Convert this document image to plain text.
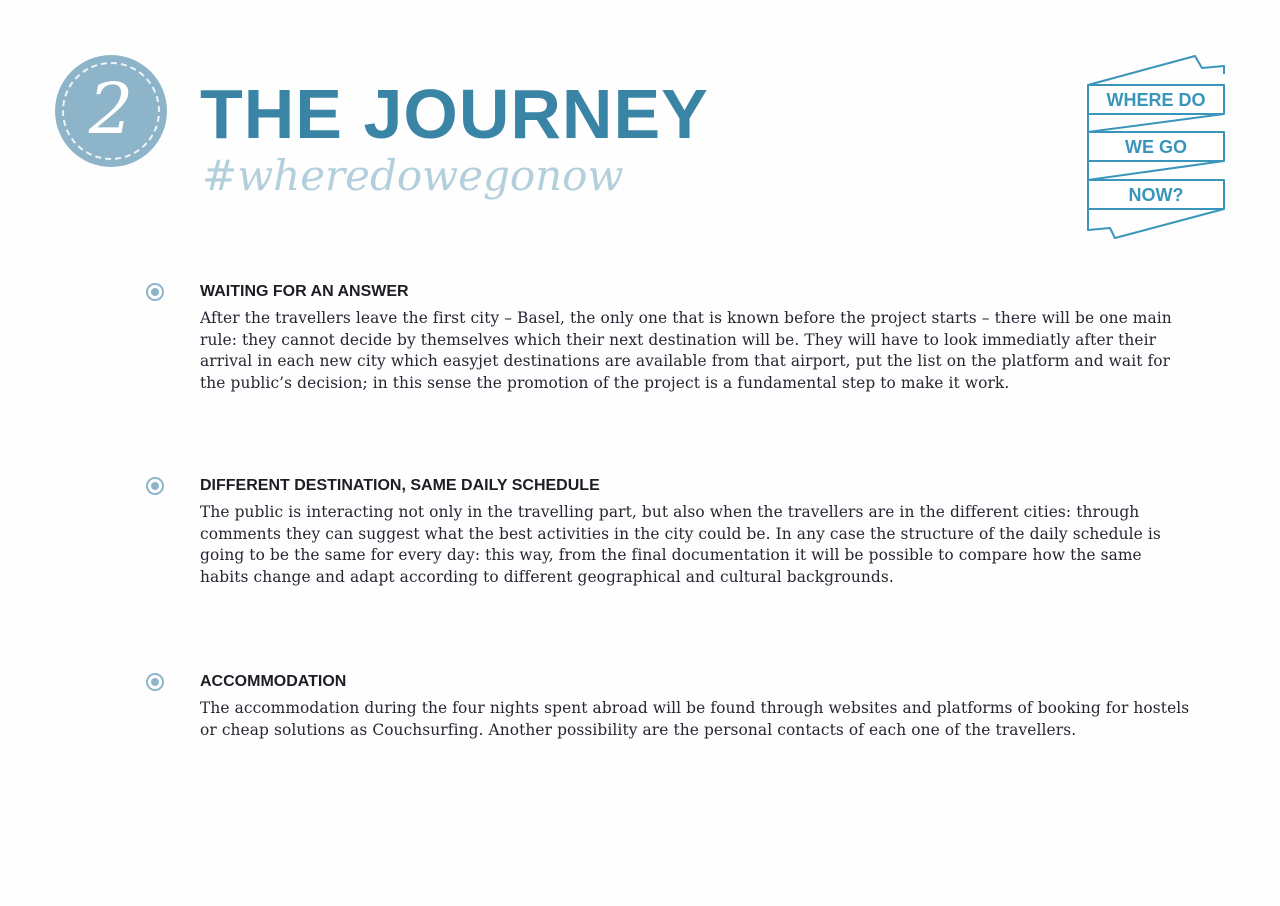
2 THE JOURNEY
#wheredowegonow
WHERE DO
WE GO
NOW?
WAITING FOR AN ANSWER

After the travellers leave the first city – Basel, the only one that is known before the project starts – there will be one main rule: they cannot decide by themselves which their next destination will be. They will have to look immediatly after their arrival in each new city which easyjet destinations are available from that airport, put the list on the platform and wait for the public’s decision; in this sense the promotion of the project is a fundamental step to make it work.

DIFFERENT DESTINATION, SAME DAILY SCHEDULE

The public is interacting not only in the travelling part, but also when the travellers are in the different cities: through comments they can suggest what the best activities in the city could be. In any case the structure of the daily schedule is going to be the same for every day: this way, from the final documentation it will be possible to compare how the same habits change and adapt according to different geographical and cultural backgrounds.

ACCOMMODATION

The accommodation during the four nights spent abroad will be found through websites and platforms of booking for hostels or cheap solutions as Couchsurfing. Another possibility are the personal contacts of each one of the travellers.
